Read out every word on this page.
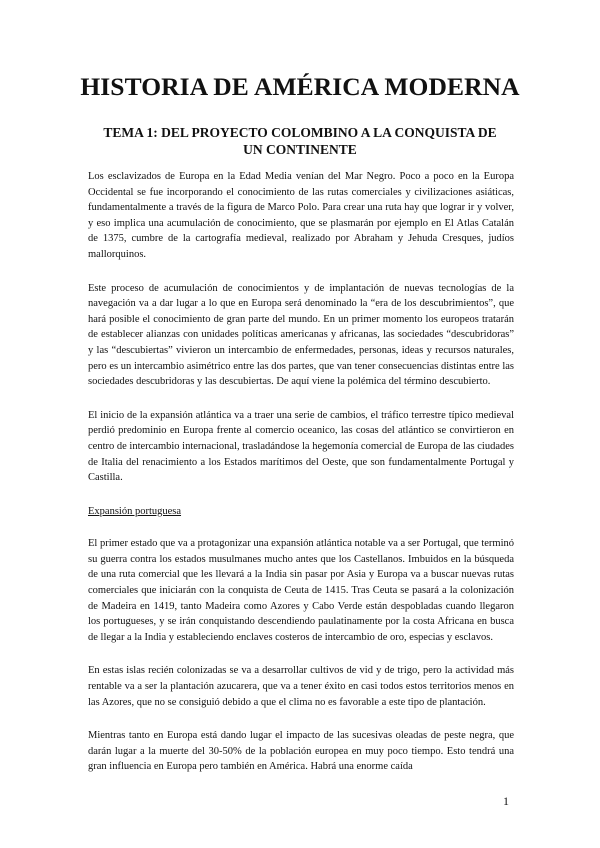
HISTORIA DE AMÉRICA MODERNA
TEMA 1: DEL PROYECTO COLOMBINO A LA CONQUISTA DE UN CONTINENTE

Los esclavizados de Europa en la Edad Media venían del Mar Negro. Poco a poco en la Europa Occidental se fue incorporando el conocimiento de las rutas comerciales y civilizaciones asiáticas, fundamentalmente a través de la figura de Marco Polo. Para crear una ruta hay que lograr ir y volver, y eso implica una acumulación de conocimiento, que se plasmarán por ejemplo en El Atlas Catalán de 1375, cumbre de la cartografía medieval, realizado por Abraham y Jehuda Cresques, judíos mallorquinos.

Este proceso de acumulación de conocimientos y de implantación de nuevas tecnologías de la navegación va a dar lugar a lo que en Europa será denominado la “era de los descubrimientos”, que hará posible el conocimiento de gran parte del mundo. En un primer momento los europeos tratarán de establecer alianzas con unidades políticas americanas y africanas, las sociedades “descubridoras” y las “descubiertas” vivieron un intercambio de enfermedades, personas, ideas y recursos naturales, pero es un intercambio asimétrico entre las dos partes, que van tener consecuencias distintas entre las sociedades descubridoras y las descubiertas. De aquí viene la polémica del término descubierto.

El inicio de la expansión atlántica va a traer una serie de cambios, el tráfico terrestre típico medieval perdió predominio en Europa frente al comercio oceanico, las cosas del atlántico se convirtieron en centro de intercambio internacional, trasladándose la hegemonía comercial de Europa de las ciudades de Italia del renacimiento a los Estados marítimos del Oeste, que son fundamentalmente Portugal y Castilla.

Expansión portuguesa

El primer estado que va a protagonizar una expansión atlántica notable va a ser Portugal, que terminó su guerra contra los estados musulmanes mucho antes que los Castellanos. Imbuidos en la búsqueda de una ruta comercial que les llevará a la India sin pasar por Asia y Europa va a buscar nuevas rutas comerciales que iniciarán con la conquista de Ceuta de 1415. Tras Ceuta se pasará a la colonización de Madeira en 1419, tanto Madeira como Azores y Cabo Verde están despobladas cuando llegaron los portugueses, y se irán conquistando descendiendo paulatinamente por la costa Africana en busca de llegar a la India y estableciendo enclaves costeros de intercambio de oro, especias y esclavos.

En estas islas recién colonizadas se va a desarrollar cultivos de vid y de trigo, pero la actividad más rentable va a ser la plantación azucarera, que va a tener éxito en casi todos estos territorios menos en las Azores, que no se consiguió debido a que el clima no es favorable a este tipo de plantación.

Mientras tanto en Europa está dando lugar el impacto de las sucesivas oleadas de peste negra, que darán lugar a la muerte del 30-50% de la población europea en muy poco tiempo. Esto tendrá una gran influencia en Europa pero también en América. Habrá una enorme caída

1
